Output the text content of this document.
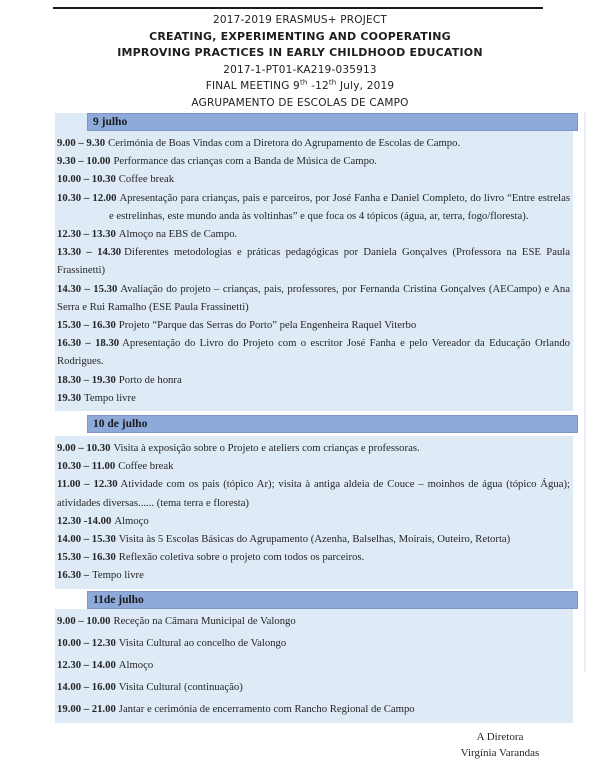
2017-2019 ERASMUS+ PROJECT
CREATING, EXPERIMENTING AND COOPERATING
IMPROVING PRACTICES IN EARLY CHILDHOOD EDUCATION
2017-1-PT01-KA219-035913
FINAL MEETING 9th -12th July, 2019
AGRUPAMENTO DE ESCOLAS DE CAMPO
9 julho

9.00 – 9.30 Cerimónia de Boas Vindas com a Diretora do Agrupamento de Escolas de Campo.

9.30 – 10.00 Performance das crianças com a Banda de Música de Campo.

10.00 – 10.30 Coffee break

10.30 – 12.00 Apresentação para crianças, pais e parceiros, por José Fanha e Daniel Completo, do livro “Entre estrelas e estrelinhas, este mundo anda às voltinhas” e que foca os 4 tópicos (água, ar, terra, fogo/floresta).

12.30 – 13.30 Almoço na EBS de Campo.

13.30 – 14.30 Diferentes metodologias e práticas pedagógicas por Daniela Gonçalves (Professora na ESE Paula Frassinetti)

14.30 – 15.30 Avaliação do projeto – crianças, pais, professores, por Fernanda Cristina Gonçalves (AECampo) e Ana Serra e Rui Ramalho (ESE Paula Frassinetti)

15.30 – 16.30 Projeto “Parque das Serras do Porto” pela Engenheira Raquel Viterbo

16.30 – 18.30 Apresentação do Livro do Projeto com o escritor José Fanha e pelo Vereador da Educação Orlando Rodrigues.

18.30 – 19.30 Porto de honra

19.30 Tempo livre

10 de julho

9.00 – 10.30 Visita à exposição sobre o Projeto e ateliers com crianças e professoras.

10.30 – 11.00 Coffee break

11.00 – 12.30 Atividade com os pais (tópico Ar); visita à antiga aldeia de Couce – moinhos de água (tópico Água); atividades diversas...... (tema terra e floresta)

12.30 -14.00 Almoço

14.00 – 15.30 Visita às 5 Escolas Básicas do Agrupamento (Azenha, Balselhas, Moirais, Outeiro, Retorta)

15.30 – 16.30 Reflexão coletiva sobre o projeto com todos os parceiros.

16.30 – Tempo livre

11de julho

9.00 – 10.00 Receção na Câmara Municipal de Valongo

10.00 – 12.30 Visita Cultural ao concelho de Valongo

12.30 – 14.00 Almoço

14.00 – 16.00 Visita Cultural (continuação)

19.00 – 21.00 Jantar e cerimónia de encerramento com Rancho Regional de Campo

A Diretora
Virgínia Varandas
